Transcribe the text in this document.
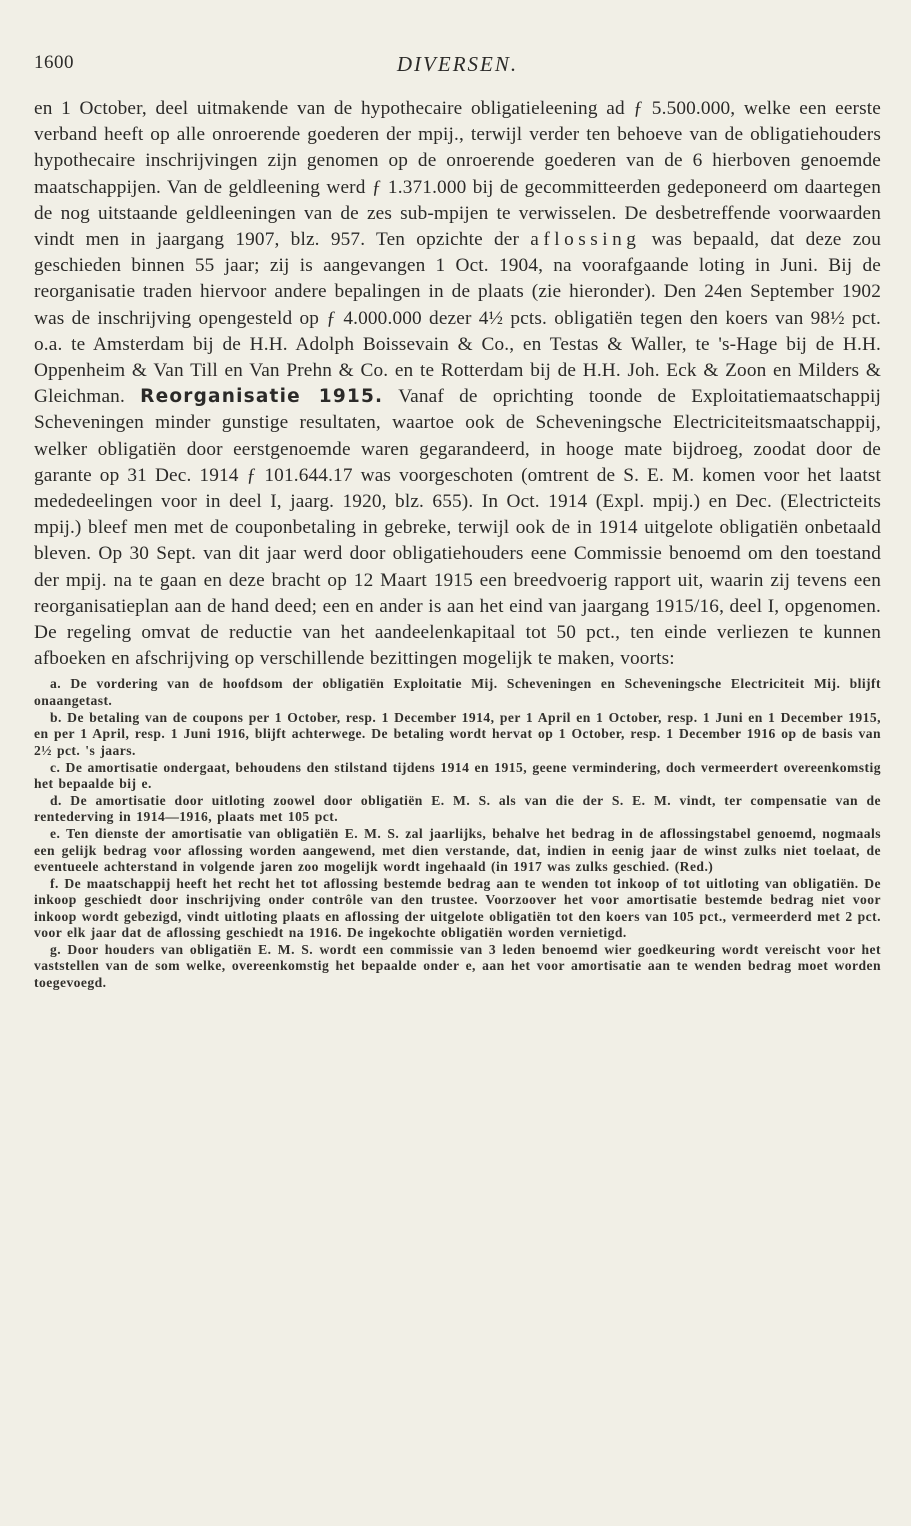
1600	DIVERSEN.

en 1 October, deel uitmakende van de hypothecaire obligatieleening ad ƒ 5.500.000, welke een eerste verband heeft op alle onroerende goederen der mpij., terwijl verder ten behoeve van de obligatiehouders hypothecaire inschrijvingen zijn genomen op de onroerende goederen van de 6 hierboven genoemde maatschappijen. Van de geldleening werd ƒ 1.371.000 bij de gecommitteerden gedeponeerd om daartegen de nog uitstaande geldleeningen van de zes sub-mpijen te verwisselen. De desbetreffende voorwaarden vindt men in jaargang 1907, blz. 957. Ten opzichte der aflossing was bepaald, dat deze zou geschieden binnen 55 jaar; zij is aangevangen 1 Oct. 1904, na voorafgaande loting in Juni. Bij de reorganisatie traden hiervoor andere bepalingen in de plaats (zie hieronder). Den 24en September 1902 was de inschrijving opengesteld op ƒ 4.000.000 dezer 4½ pcts. obligatiën tegen den koers van 98½ pct. o.a. te Amsterdam bij de H.H. Adolph Boissevain & Co., en Testas & Waller, te 's-Hage bij de H.H. Oppenheim & Van Till en Van Prehn & Co. en te Rotterdam bij de H.H. Joh. Eck & Zoon en Milders & Gleichman. Reorganisatie 1915. Vanaf de oprichting toonde de Exploitatiemaatschappij Scheveningen minder gunstige resultaten, waartoe ook de Scheveningsche Electriciteitsmaatschappij, welker obligatiën door eerstgenoemde waren gegarandeerd, in hooge mate bijdroeg, zoodat door de garante op 31 Dec. 1914 ƒ 101.644.17 was voorgeschoten (omtrent de S. E. M. komen voor het laatst mededeelingen voor in deel I, jaarg. 1920, blz. 655). In Oct. 1914 (Expl. mpij.) en Dec. (Electricteits mpij.) bleef men met de couponbetaling in gebreke, terwijl ook de in 1914 uitgelote obligatiën onbetaald bleven. Op 30 Sept. van dit jaar werd door obligatiehouders eene Commissie benoemd om den toestand der mpij. na te gaan en deze bracht op 12 Maart 1915 een breedvoerig rapport uit, waarin zij tevens een reorganisatieplan aan de hand deed; een en ander is aan het eind van jaargang 1915/16, deel I, opgenomen. De regeling omvat de reductie van het aandeelenkapitaal tot 50 pct., ten einde verliezen te kunnen afboeken en afschrijving op verschillende bezittingen mogelijk te maken, voorts:

a. De vordering van de hoofdsom der obligatiën Exploitatie Mij. Scheveningen en Scheveningsche Electriciteit Mij. blijft onaangetast.

b. De betaling van de coupons per 1 October, resp. 1 December 1914, per 1 April en 1 October, resp. 1 Juni en 1 December 1915, en per 1 April, resp. 1 Juni 1916, blijft achterwege. De betaling wordt hervat op 1 October, resp. 1 December 1916 op de basis van 2½ pct. 's jaars.

c. De amortisatie ondergaat, behoudens den stilstand tijdens 1914 en 1915, geene vermindering, doch vermeerdert overeenkomstig het bepaalde bij e.

d. De amortisatie door uitloting zoowel door obligatiën E. M. S. als van die der S. E. M. vindt, ter compensatie van de rentederving in 1914—1916, plaats met 105 pct.

e. Ten dienste der amortisatie van obligatiën E. M. S. zal jaarlijks, behalve het bedrag in de aflossingstabel genoemd, nogmaals een gelijk bedrag voor aflossing worden aangewend, met dien verstande, dat, indien in eenig jaar de winst zulks niet toelaat, de eventueele achterstand in volgende jaren zoo mogelijk wordt ingehaald (in 1917 was zulks geschied. (Red.)

f. De maatschappij heeft het recht het tot aflossing bestemde bedrag aan te wenden tot inkoop of tot uitloting van obligatiën. De inkoop geschiedt door inschrijving onder contrôle van den trustee. Voorzoover het voor amortisatie bestemde bedrag niet voor inkoop wordt gebezigd, vindt uitloting plaats en aflossing der uitgelote obligatiën tot den koers van 105 pct., vermeerderd met 2 pct. voor elk jaar dat de aflossing geschiedt na 1916. De ingekochte obligatiën worden vernietigd.

g. Door houders van obligatiën E. M. S. wordt een commissie van 3 leden benoemd wier goedkeuring wordt vereischt voor het vaststellen van de som welke, overeenkomstig het bepaalde onder e, aan het voor amortisatie aan te wenden bedrag moet worden toegevoegd.
